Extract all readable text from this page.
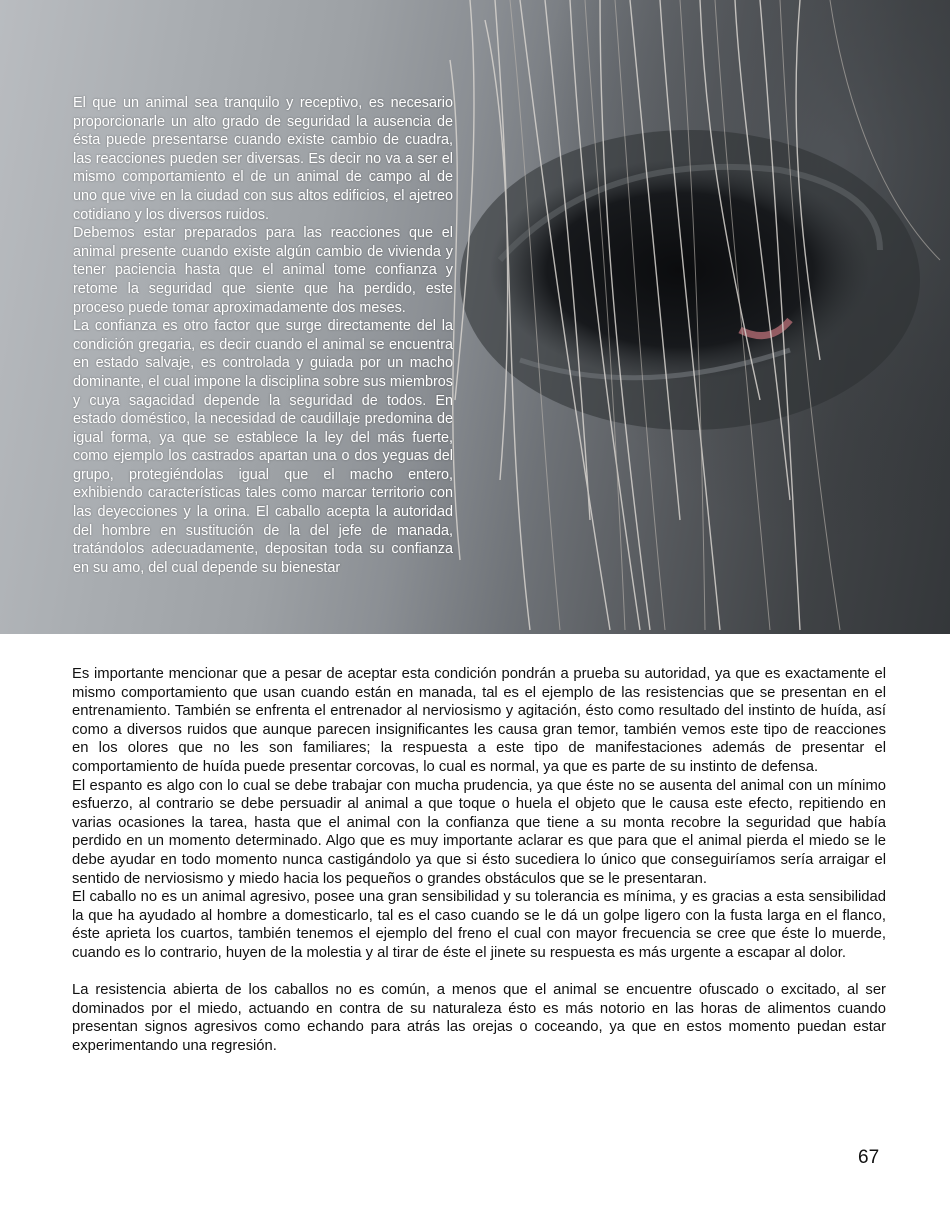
El que un animal sea tranquilo y receptivo, es necesario proporcionarle un alto grado de seguridad la ausencia de ésta puede presentarse cuando existe cambio de cuadra, las reacciones pueden ser diversas. Es decir no va a ser el mismo comportamiento el de un animal de campo al de uno que vive en la ciudad con sus altos edificios, el ajetreo cotidiano y los diversos ruidos.

Debemos estar preparados para las reacciones que el animal presente cuando existe algún cambio de vivienda y tener paciencia hasta que el animal tome confianza y retome la seguridad que siente que ha perdido, este proceso puede tomar aproximadamente dos meses.

La confianza es otro factor que surge directamente del la condición gregaria, es decir cuando el animal se encuentra en estado salvaje, es controlada y guiada por un macho dominante, el cual impone la disciplina sobre sus miembros y cuya sagacidad depende la seguridad de todos. En estado doméstico, la necesidad de caudillaje predomina de igual forma, ya que se establece la ley del más fuerte, como ejemplo los castrados apartan una o dos yeguas del grupo, protegiéndolas igual que el macho entero, exhibiendo características tales como marcar territorio con las deyecciones y la orina. El caballo acepta la autoridad del hombre en sustitución de la del jefe de manada, tratándolos adecuadamente, depositan toda su confianza en su amo, del cual depende su bienestar

Es importante mencionar que a pesar de aceptar esta condición pondrán a prueba su autoridad, ya que es exactamente el mismo comportamiento que usan cuando están en manada, tal es el ejemplo de las resistencias que se presentan en el entrenamiento. También se enfrenta el entrenador al nerviosismo y agitación, ésto como resultado del instinto de huída, así como a diversos ruidos que aunque parecen insignificantes les causa gran temor, también vemos este tipo de reacciones en los olores que no les son familiares; la respuesta a este tipo de manifestaciones además de presentar el comportamiento de huída puede presentar corcovas, lo cual es normal, ya que es parte de su instinto de defensa.

El espanto es algo con lo cual se debe trabajar con mucha prudencia, ya que éste no se ausenta del animal con un mínimo esfuerzo, al contrario se debe persuadir al animal a que toque o huela el objeto que le causa este efecto, repitiendo en varias ocasiones la tarea, hasta que el animal con la confianza que tiene a su monta recobre la seguridad que había perdido en un momento determinado. Algo que es muy importante aclarar es que para que el animal pierda el miedo se le debe ayudar en todo momento nunca castigándolo ya que si ésto sucediera lo único que conseguiríamos sería arraigar el sentido de nerviosismo y miedo hacia los pequeños o grandes obstáculos que se le presentaran.

El caballo no es un animal agresivo, posee una gran sensibilidad y su tolerancia es mínima, y es gracias a esta sensibilidad la que ha ayudado al hombre a domesticarlo, tal es el caso cuando se le dá un golpe ligero con la fusta larga en el flanco, éste aprieta los cuartos, también tenemos el ejemplo del freno el cual con mayor frecuencia se cree que éste lo muerde, cuando es lo contrario, huyen de la molestia y al tirar de éste el jinete su respuesta es más urgente a escapar al dolor.

La resistencia abierta de los caballos no es común, a menos que el animal se encuentre ofuscado o excitado, al ser dominados por el miedo, actuando en contra de su naturaleza ésto es más notorio en las horas de alimentos cuando presentan signos agresivos como echando para atrás las orejas o coceando, ya que en estos momento puedan estar experimentando una regresión.

67
